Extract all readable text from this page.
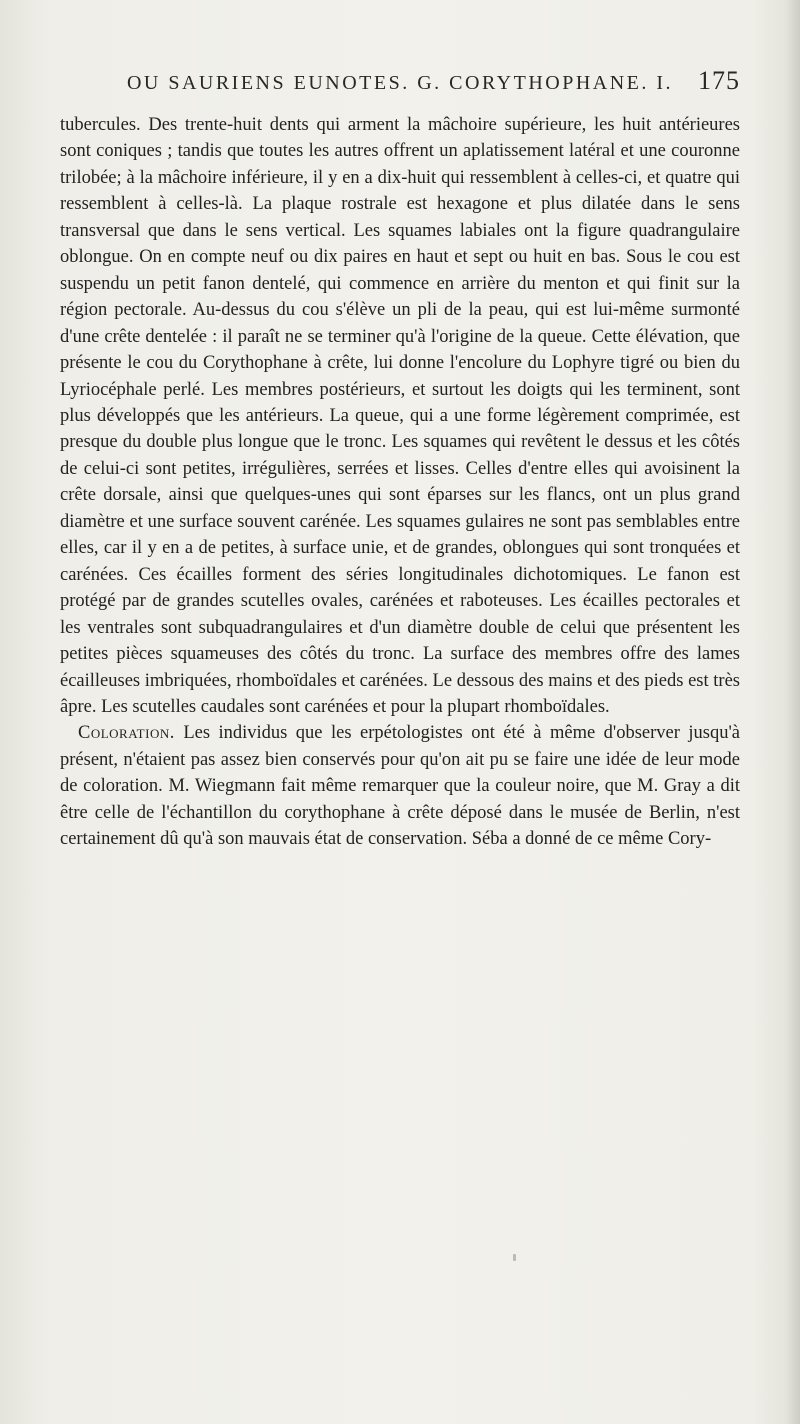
OU SAURIENS EUNOTES. G. CORYTHOPHANE. I. 175

tubercules. Des trente-huit dents qui arment la mâchoire supérieure, les huit antérieures sont coniques ; tandis que toutes les autres offrent un aplatissement latéral et une couronne trilobée; à la mâchoire inférieure, il y en a dix-huit qui ressemblent à celles-ci, et quatre qui ressemblent à celles-là. La plaque rostrale est hexagone et plus dilatée dans le sens transversal que dans le sens vertical. Les squames labiales ont la figure quadrangulaire oblongue. On en compte neuf ou dix paires en haut et sept ou huit en bas. Sous le cou est suspendu un petit fanon dentelé, qui commence en arrière du menton et qui finit sur la région pectorale. Au-dessus du cou s'élève un pli de la peau, qui est lui-même surmonté d'une crête dentelée : il paraît ne se terminer qu'à l'origine de la queue. Cette élévation, que présente le cou du Corythophane à crête, lui donne l'encolure du Lophyre tigré ou bien du Lyriocéphale perlé. Les membres postérieurs, et surtout les doigts qui les terminent, sont plus développés que les antérieurs. La queue, qui a une forme légèrement comprimée, est presque du double plus longue que le tronc. Les squames qui revêtent le dessus et les côtés de celui-ci sont petites, irrégulières, serrées et lisses. Celles d'entre elles qui avoisinent la crête dorsale, ainsi que quelques-unes qui sont éparses sur les flancs, ont un plus grand diamètre et une surface souvent carénée. Les squames gulaires ne sont pas semblables entre elles, car il y en a de petites, à surface unie, et de grandes, oblongues qui sont tronquées et carénées. Ces écailles forment des séries longitudinales dichotomiques. Le fanon est protégé par de grandes scutelles ovales, carénées et raboteuses. Les écailles pectorales et les ventrales sont subquadrangulaires et d'un diamètre double de celui que présentent les petites pièces squameuses des côtés du tronc. La surface des membres offre des lames écailleuses imbriquées, rhomboïdales et carénées. Le dessous des mains et des pieds est très âpre. Les scutelles caudales sont carénées et pour la plupart rhomboïdales.

Coloration. Les individus que les erpétologistes ont été à même d'observer jusqu'à présent, n'étaient pas assez bien conservés pour qu'on ait pu se faire une idée de leur mode de coloration. M. Wiegmann fait même remarquer que la couleur noire, que M. Gray a dit être celle de l'échantillon du corythophane à crête déposé dans le musée de Berlin, n'est certainement dû qu'à son mauvais état de conservation. Séba a donné de ce même Cory-
